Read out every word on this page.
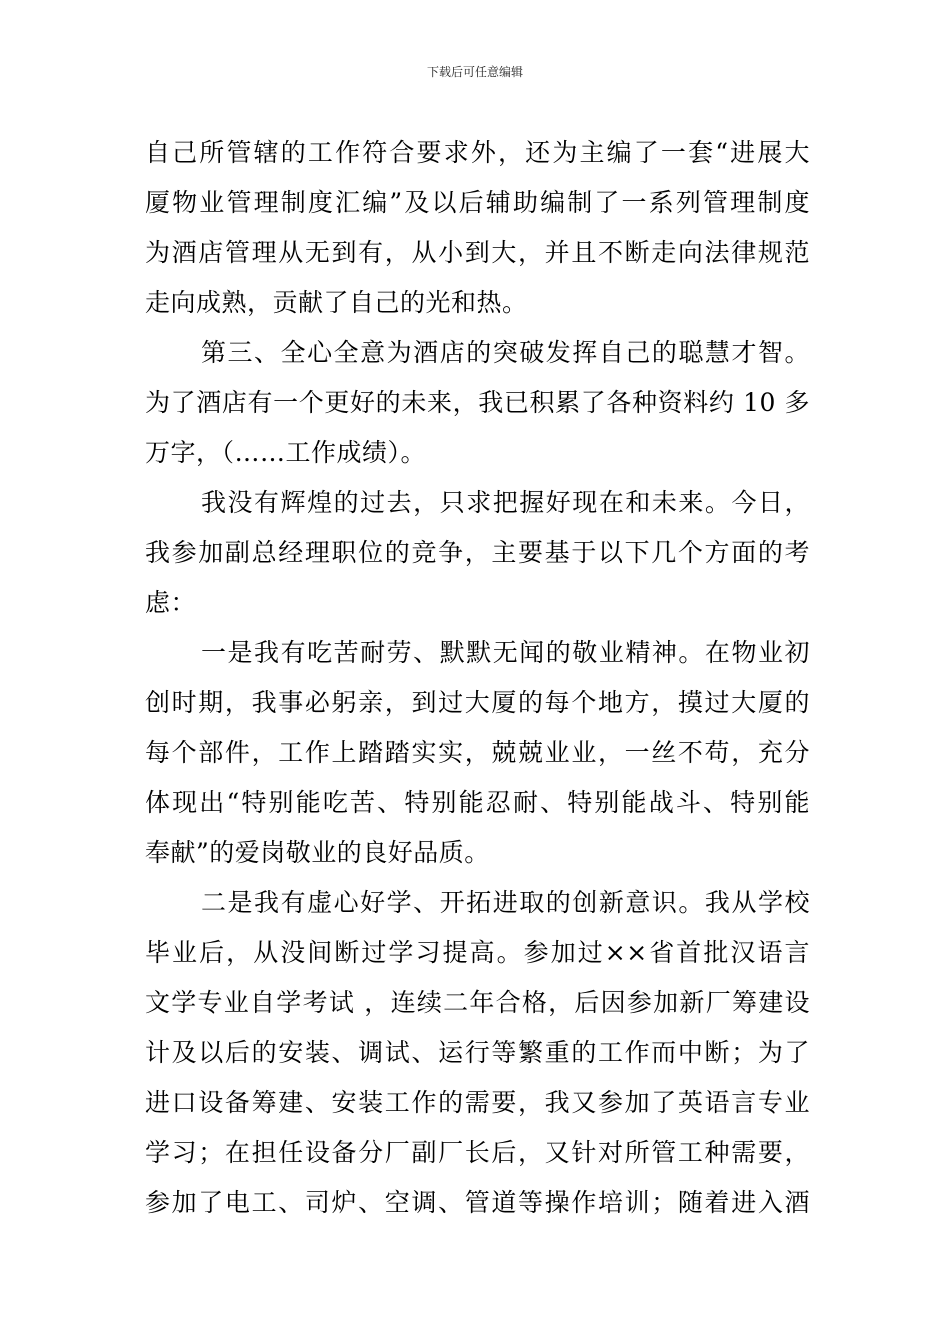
下载后可任意编辑
自己所管辖的工作符合要求外，还为主编了一套“进展大
厦物业管理制度汇编”及以后辅助编制了一系列管理制度
为酒店管理从无到有，从小到大，并且不断走向法律规范
走向成熟，贡献了自己的光和热。
第三、全心全意为酒店的突破发挥自己的聪慧才智。
为了酒店有一个更好的未来，我已积累了各种资料约 10 多
万字，（……工作成绩）。
我没有辉煌的过去，只求把握好现在和未来。今日，
我参加副总经理职位的竞争，主要基于以下几个方面的考
虑：
一是我有吃苦耐劳、默默无闻的敬业精神。在物业初
创时期，我事必躬亲，到过大厦的每个地方，摸过大厦的
每个部件，工作上踏踏实实，兢兢业业，一丝不苟，充分
体现出“特别能吃苦、特别能忍耐、特别能战斗、特别能
奉献”的爱岗敬业的良好品质。
二是我有虚心好学、开拓进取的创新意识。我从学校
毕业后，从没间断过学习提高。参加过××省首批汉语言
文学专业自学考试 ，连续二年合格，后因参加新厂筹建设
计及以后的安装、调试、运行等繁重的工作而中断；为了
进口设备筹建、安装工作的需要，我又参加了英语言专业
学习；在担任设备分厂副厂长后，又针对所管工种需要，
参加了电工、司炉、空调、管道等操作培训；随着进入酒
